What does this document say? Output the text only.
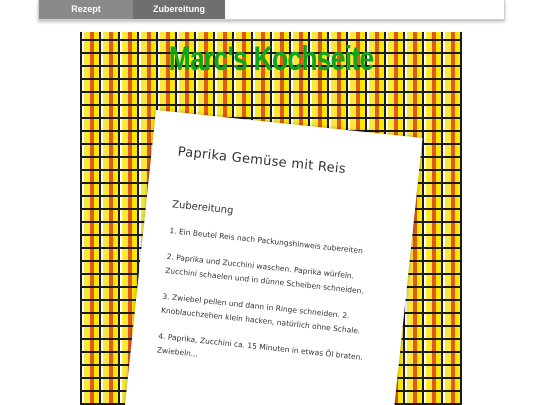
Rezept	Zubereitung
Marc's Kochseite
Paprika Gemüse mit Reis
Zubereitung
1. Ein Beutel Reis nach Packungshinweis zubereiten
2. Paprika und Zucchini waschen. Paprika würfeln. Zucchini schaelen und in dünne Scheiben schneiden.
3. Zwiebel pellen und dann in Ringe schneiden. 2. Knoblauchzehen klein hacken, natürlich ohne Schale.
4. Paprika, Zucchini ca. 15 Minuten in etwas Öl braten. Zwiebeln...
